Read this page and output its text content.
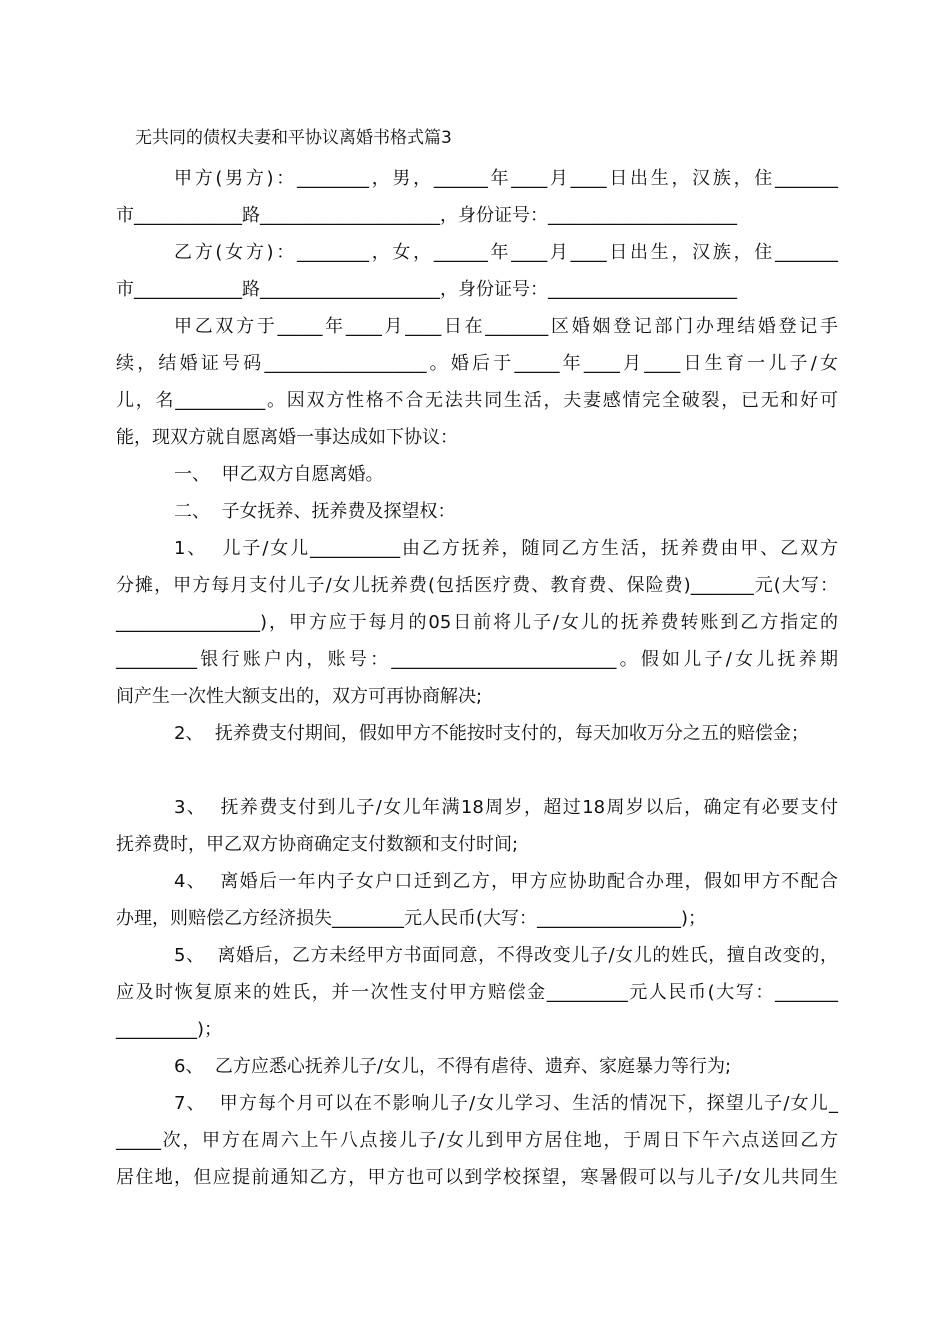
无共同的债权夫妻和平协议离婚书格式篇3
甲方(男方)：________，男，______年____月____日出生，汉族，住_______
市____________路____________________，身份证号：_____________________
乙方(女方)：________，女，______年____月____日出生，汉族，住_______
市____________路____________________，身份证号：_____________________
甲乙双方于_____年____月____日在_______区婚姻登记部门办理结婚登记手
续，结婚证号码__________________。婚后于_____年____月____日生育一儿子/女
儿，名__________。因双方性格不合无法共同生活，夫妻感情完全破裂，已无和好可
能，现双方就自愿离婚一事达成如下协议：
一、  甲乙双方自愿离婚。
二、  子女抚养、抚养费及探望权：
1、  儿子/女儿__________由乙方抚养，随同乙方生活，抚养费由甲、乙双方
分摊，甲方每月支付儿子/女儿抚养费(包括医疗费、教育费、保险费)_______元(大写：
________________)，甲方应于每月的05日前将儿子/女儿的抚养费转账到乙方指定的
_________银行账户内，账号：_________________________。假如儿子/女儿抚养期
间产生一次性大额支出的，双方可再协商解决;
2、  抚养费支付期间，假如甲方不能按时支付的，每天加收万分之五的赔偿金；
3、  抚养费支付到儿子/女儿年满18周岁，超过18周岁以后，确定有必要支付
抚养费时，甲乙双方协商确定支付数额和支付时间;
4、  离婚后一年内子女户口迁到乙方，甲方应协助配合办理，假如甲方不配合
办理，则赔偿乙方经济损失________元人民币(大写：________________)；
5、  离婚后，乙方未经甲方书面同意，不得改变儿子/女儿的姓氏，擅自改变的，
应及时恢复原来的姓氏，并一次性支付甲方赔偿金_________元人民币(大写：_______
_________)；
6、  乙方应悉心抚养儿子/女儿，不得有虐待、遗弃、家庭暴力等行为;
7、  甲方每个月可以在不影响儿子/女儿学习、生活的情况下，探望儿子/女儿_
_____次，甲方在周六上午八点接儿子/女儿到甲方居住地，于周日下午六点送回乙方
居住地，但应提前通知乙方，甲方也可以到学校探望，寒暑假可以与儿子/女儿共同生
